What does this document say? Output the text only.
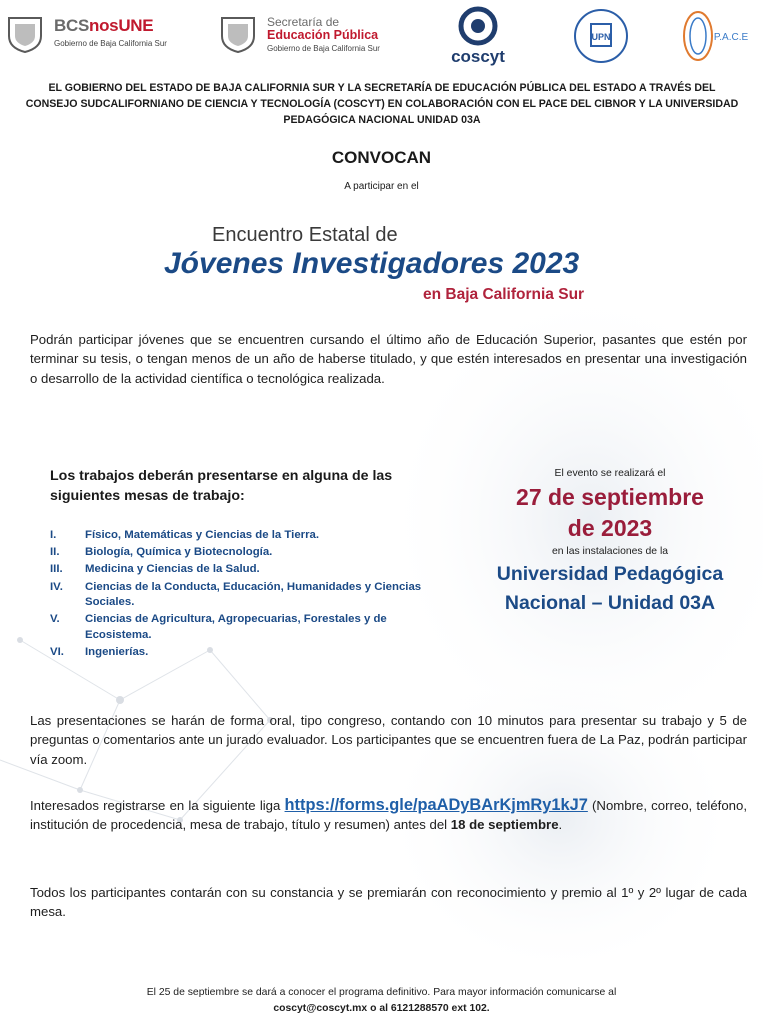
BCSnosUNE
Gobierno de Baja California Sur
Secretaría de
Educación Pública
Gobierno de Baja California Sur	coscyt
UPN	P.A.C.E
EL GOBIERNO DEL ESTADO DE BAJA CALIFORNIA SUR Y LA SECRETARÍA DE EDUCACIÓN PÚBLICA DEL ESTADO A TRAVÉS DEL CONSEJO SUDCALIFORNIANO DE CIENCIA Y TECNOLOGÍA (COSCYT) EN COLABORACIÓN CON EL PACE DEL CIBNOR Y LA UNIVERSIDAD PEDAGÓGICA NACIONAL UNIDAD 03A
CONVOCAN
A participar en el
Encuentro Estatal de
Jóvenes Investigadores 2023
en Baja California Sur
Podrán participar jóvenes que se encuentren cursando el último año de Educación Superior, pasantes que estén por terminar su tesis, o tengan menos de un año de haberse titulado, y que estén interesados en presentar una investigación o desarrollo de la actividad científica o tecnológica realizada.
Los trabajos deberán presentarse en alguna de las siguientes mesas de trabajo:
I.	Físico, Matemáticas y Ciencias de la Tierra.
II. Biología, Química y Biotecnología.
III. Medicina y Ciencias de la Salud.
IV. Ciencias de la Conducta, Educación, Humanidades y Ciencias Sociales.
V. Ciencias de Agricultura, Agropecuarias, Forestales y de Ecosistema.
VI. Ingenierías.
El evento se realizará el
27 de septiembre
de 2023
en las instalaciones de la
Universidad Pedagógica
Nacional – Unidad 03A
Las presentaciones se harán de forma oral, tipo congreso, contando con 10 minutos para presentar su trabajo y 5 de preguntas o comentarios ante un jurado evaluador. Los participantes que se encuentren fuera de La Paz, podrán participar vía zoom.
Interesados registrarse en la siguiente liga https://forms.gle/paADyBArKjmRy1kJ7 (Nombre, correo, teléfono, institución de procedencia, mesa de trabajo, título y resumen) antes del 18 de septiembre.
Todos los participantes contarán con su constancia y se premiarán con reconocimiento y premio al 1º y 2º lugar de cada mesa.
El 25 de septiembre se dará a conocer el programa definitivo. Para mayor información comunicarse al
coscyt@coscyt.mx o al 6121288570 ext 102.
